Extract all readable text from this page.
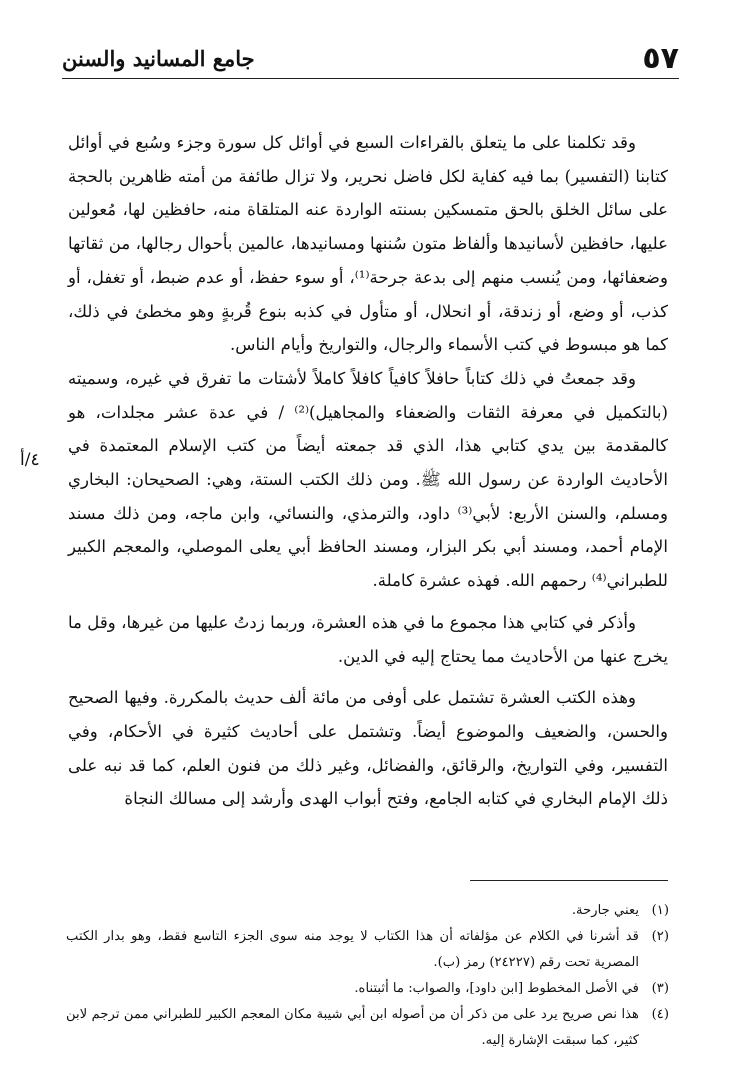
٥٧
جامع المسانيد والسنن
٤/أ

وقد تكلمنا على ما يتعلق بالقراءات السبع في أوائل كل سورة وجزء وسُبع في أوائل كتابنا (التفسير) بما فيه كفاية لكل فاضل نحرير، ولا تزال طائفة من أمته ظاهرين بالحجة على سائل الخلق بالحق متمسكين بسنته الواردة عنه المتلقاة منه، حافظين لها، مُعولين عليها، حافظين لأسانيدها وألفاظ متون سُننها ومسانيدها، عالمين بأحوال رجالها، من ثقاتها وضعفائها، ومن يُنسب منهم إلى بدعة جرحة⁽¹⁾، أو سوء حفظ، أو عدم ضبط، أو تغفل، أو كذب، أو وضع، أو زندقة، أو انحلال، أو متأول في كذبه بنوع قُربةٍ وهو مخطئ في ذلك، كما هو مبسوط في كتب الأسماء والرجال، والتواريخ وأيام الناس.

وقد جمعتُ في ذلك كتاباً حافلاً كافياً كافلاً كاملاً لأشتات ما تفرق في غيره، وسميته (بالتكميل في معرفة الثقات والضعفاء والمجاهيل)⁽²⁾ / في عدة عشر مجلدات، هو كالمقدمة بين يدي كتابي هذا، الذي قد جمعته أيضاً من كتب الإسلام المعتمدة في الأحاديث الواردة عن رسول الله ﷺ. ومن ذلك الكتب الستة، وهي: الصحيحان: البخاري ومسلم، والسنن الأربع: لأبي⁽³⁾ داود، والترمذي، والنسائي، وابن ماجه، ومن ذلك مسند الإمام أحمد، ومسند أبي بكر البزار، ومسند الحافظ أبي يعلى الموصلي، والمعجم الكبير للطبراني⁽⁴⁾ رحمهم الله. فهذه عشرة كاملة.

وأذكر في كتابي هذا مجموع ما في هذه العشرة، وربما زدتُ عليها من غيرها، وقل ما يخرج عنها من الأحاديث مما يحتاج إليه في الدين.

وهذه الكتب العشرة تشتمل على أوفى من مائة ألف حديث بالمكررة. وفيها الصحيح والحسن، والضعيف والموضوع أيضاً. وتشتمل على أحاديث كثيرة في الأحكام، وفي التفسير، وفي التواريخ، والرقائق، والفضائل، وغير ذلك من فنون العلم، كما قد نبه على ذلك الإمام البخاري في كتابه الجامع، وفتح أبواب الهدى وأرشد إلى مسالك النجاة

(١)
يعني جارحة.
(٢)
قد أشرنا في الكلام عن مؤلفاته أن هذا الكتاب لا يوجد منه سوى الجزء التاسع فقط، وهو بدار الكتب المصرية تحت رقم (٢٤٢٢٧) رمز (ب).
(٣)
في الأصل المخطوط [ابن داود]، والصواب: ما أثبتناه.
(٤)
هذا نص صريح يرد على من ذكر أن من أصوله ابن أبي شيبة مكان المعجم الكبير للطبراني ممن ترجم لابن كثير، كما سبقت الإشارة إليه.
